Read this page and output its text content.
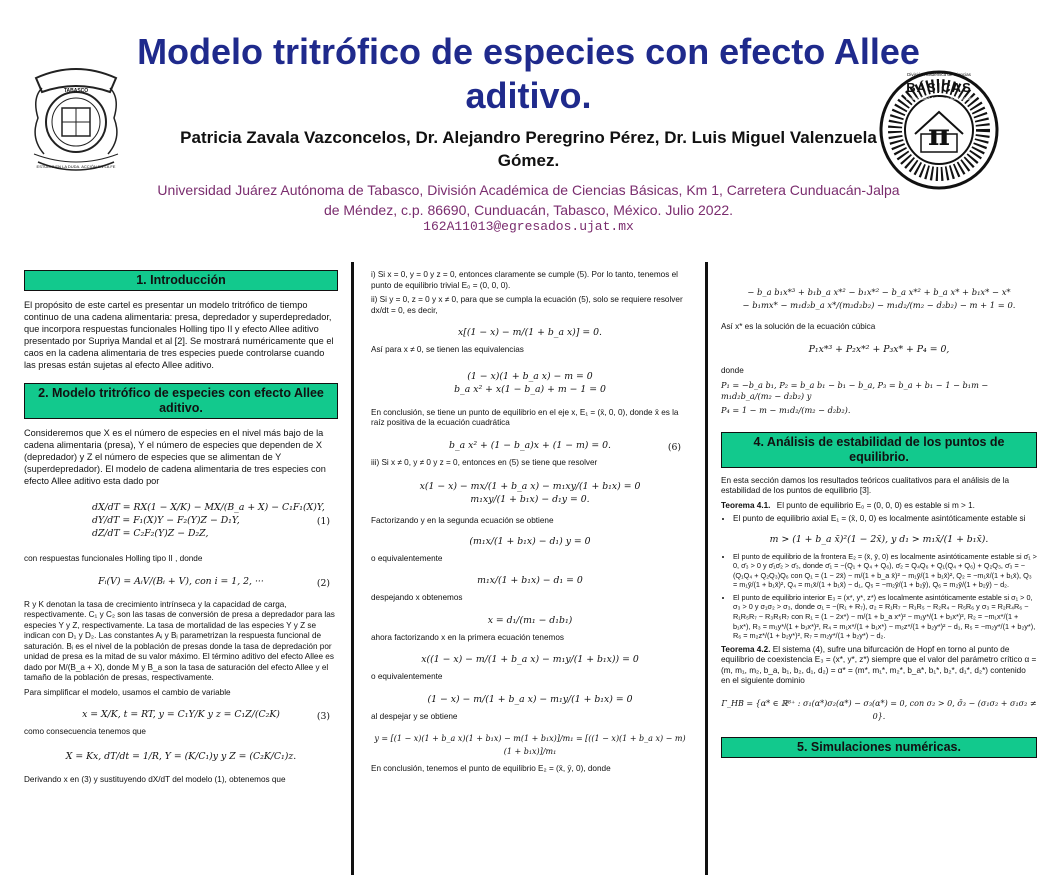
TABASCO
ESTUDIO EN LA DUDA. ACCIÓN EN LA FE
Modelo tritrófico de especies con efecto Allee aditivo.
Patricia Zavala Vazconcelos, Dr. Alejandro Peregrino Pérez, Dr. Luis Miguel Valenzuela Gómez.
Universidad Juárez Autónoma de Tabasco, División Académica de Ciencias Básicas, Km 1, Carretera Cunduacán-Jalpa de Méndez, c.p. 86690, Cunduacán, Tabasco, México. Julio 2022.
162A11013@egresados.ujat.mx
División Académica de Ciencias
BÁSICAS
Universidad Juárez Autónoma de Tabasco
π
1. Introducción
El propósito de este cartel es presentar un modelo tritrófico de tiempo continuo de una cadena alimentaria: presa, depredador y superdepredador, que incorpora respuestas funcionales Holling tipo II y efecto Allee aditivo presentado por Supriya Mandal et al [2]. Se mostrará numéricamente que el caos en la cadena alimentaria de tres especies puede controlarse cuando las presas están sujetas al efecto Allee aditivo.
2. Modelo tritrófico de especies con efecto Allee aditivo.
Consideremos que X es el número de especies en el nivel más bajo de la cadena alimentaria (presa), Y el número de especies que dependen de X (depredador) y Z el número de especies que se alimentan de Y (superdepredador). El modelo de cadena alimentaria de tres especies con efecto Allee aditivo esta dado por
dX/dT = RX(1 − X/K) − MX/(B_a + X) − C₁F₁(X)Y,
dY/dT = F₁(X)Y − F₂(Y)Z − D₁Y,
dZ/dT = C₂F₂(Y)Z − D₂Z,
(1)
con respuestas funcionales Holling tipo II , donde
Fᵢ(V) = AᵢV/(Bᵢ + V), con i = 1, 2, ···	(2)
R y K denotan la tasa de crecimiento intrínseca y la capacidad de carga, respectivamente. C₁ y C₂ son las tasas de conversión de presa a depredador para las especies Y y Z, respectivamente. La tasa de mortalidad de las especies Y y Z se indican con D₁ y D₂. Las constantes Aᵢ y Bᵢ parametrizan la respuesta funcional de saturación. Bᵢ es el nivel de la población de presas donde la tasa de depredación por unidad de presa es la mitad de su valor máximo. El término aditivo del efecto Allee es dado por M/(B_a + X), donde M y B_a son la tasa de saturación del efecto Allee y el tamaño de la población de presas, respectivamente.
Para simplificar el modelo, usamos el cambio de variable
x = X/K, t = RT, y = C₁Y/K y z = C₁Z/(C₂K)	(3)
como consecuencia tenemos que
X = Kx, dT/dt = 1/R, Y = (K/C₁)y y Z = (C₂K/C₁)z.
Derivando x en (3) y sustituyendo dX/dT del modelo (1), obtenemos que
i) Si x = 0, y = 0 y z = 0, entonces claramente se cumple (5). Por lo tanto, tenemos el punto de equilibrio trivial E₀ = (0, 0, 0).
ii) Si y = 0, z = 0 y x ≠ 0, para que se cumpla la ecuación (5), solo se requiere resolver dx/dt = 0, es decir,
x[(1 − x) − m/(1 + b_a x)] = 0.
Así para x ≠ 0, se tienen las equivalencias
(1 − x)(1 + b_a x) − m = 0
b_a x² + x(1 − b_a) + m − 1 = 0
En conclusión, se tiene un punto de equilibrio en el eje x, E₁ = (x̄, 0, 0), donde x̄ es la raíz positiva de la ecuación cuadrática
b_a x² + (1 − b_a)x + (1 − m) = 0.	(6)
iii) Si x ≠ 0, y ≠ 0 y z = 0, entonces en (5) se tiene que resolver
x(1 − x) − mx/(1 + b_a x) − m₁xy/(1 + b₁x) = 0
m₁xy/(1 + b₁x) − d₁y = 0.
Factorizando y en la segunda ecuación se obtiene
(m₁x/(1 + b₁x) − d₁) y = 0
o equivalentemente
m₁x/(1 + b₁x) − d₁ = 0
despejando x obtenemos
x = d₁/(m₁ − d₁b₁)
ahora factorizando x en la primera ecuación tenemos
x((1 − x) − m/(1 + b_a x) − m₁y/(1 + b₁x)) = 0
o equivalentemente
(1 − x) − m/(1 + b_a x) − m₁y/(1 + b₁x) = 0
al despejar y se obtiene
y = [(1 − x)(1 + b_a x)(1 + b₁x) − m(1 + b₁x)]/m₁ = [((1 − x)(1 + b_a x) − m)(1 + b₁x)]/m₁
En conclusión, tenemos el punto de equilibrio E₂ = (x̄, ȳ, 0), donde
− b_a b₁x*³ + b₁b_a x*² − b₁x*² − b_a x*² + b_a x* + b₁x* − x*
− b₁mx* − m₁d₂b_a x*/(m₂d₂b₂) − m₁d₂/(m₂ − d₂b₂) − m + 1 = 0.
Así x* es la solución de la ecuación cúbica
P₁x*³ + P₂x*² + P₃x* + P₄ = 0,
donde
P₁ = −b_a b₁, P₂ = b_a b₁ − b₁ − b_a, P₃ = b_a + b₁ − 1 − b₁m − m₁d₂b_a/(m₂ − d₂b₂) y
P₄ = 1 − m − m₁d₂/(m₂ − d₂b₂).
4. Análisis de estabilidad de los puntos de equilibrio.
En esta sección damos los resultados teóricos cualitativos para el análisis de la estabilidad de los puntos de equilibrio [3].
Teorema 4.1. El punto de equilibrio E₀ = (0, 0, 0) es estable si m > 1.
• El punto de equilibrio axial E₁ = (x̄, 0, 0) es localmente asintóticamente estable si
m > (1 + b_a x̄)²(1 − 2x̄), y d₁ > m₁x̄/(1 + b₁x̄).
• El punto de equilibrio de la frontera E₂ = (x̄, ȳ, 0) es localmente asintóticamente estable si σ̄₁ > 0, σ̄₃ > 0 y σ̄₁σ̄₂ > σ̄₃, donde σ̄₁ = −(Q₁ + Q₄ + Q₆), σ̄₂ = Q₄Q₆ + Q₁(Q₄ + Q₆) + Q₂Q₃, σ̄₃ = −(Q₁Q₄ + Q₂Q₃)Q₆ con Q₁ = (1 − 2x̄) − m/(1 + b_a x̄)² − m₁ȳ/(1 + b₁x̄)², Q₂ = −m₁x̄/(1 + b₁x̄), Q₃ = m₁ȳ/(1 + b₁x̄)², Q₄ = m₁x̄/(1 + b₁x̄) − d₁, Q₅ = −m₂ȳ/(1 + b₂ȳ), Q₆ = m₂ȳ/(1 + b₂ȳ) − d₂.
• El punto de equilibrio interior E₃ = (x*, y*, z*) es localmente asintóticamente estable si σ₁ > 0, σ₃ > 0 y σ₁σ₂ > σ₃, donde σ₁ = −(R₁ + R₇), σ₂ = R₁R₇ − R₁R₅ − R₂R₄ − R₅R₆ y σ₃ = R₂R₄R₆ − R₁R₅R₇ − R₃R₅R₇ con R₁ = (1 − 2x*) − m/(1 + b_a x*)² − m₁y*/(1 + b₁x*)², R₂ = −m₁x*/(1 + b₁x*), R₃ = m₁y*/(1 + b₁x*)², R₄ = m₁x*/(1 + b₁x*) − m₂z*/(1 + b₂y*)² − d₁, R₅ = −m₂y*/(1 + b₂y*), R₆ = m₂z*/(1 + b₂y*)², R₇ = m₂y*/(1 + b₂y*) − d₂.
Teorema 4.2. El sistema (4), sufre una bifurcación de Hopf en torno al punto de equilibrio de coexistencia E₃ = (x*, y*, z*) siempre que el valor del parámetro crítico α = (m, m₁, m₂, b_a, b₁, b₂, d₁, d₂) = α* = (m*, m₁*, m₂*, b_a*, b₁*, b₂*, d₁*, d₂*) contenido en el siguiente dominio
Γ_HB = {α* ∈ ℝ⁸⁺ : σ₁(α*)σ₂(α*) − σ₃(α*) = 0, con σ₂ > 0, σ̄₃ − (σ₁σ₂ + σ₁σ₂ ≠ 0}.
5. Simulaciones numéricas.
